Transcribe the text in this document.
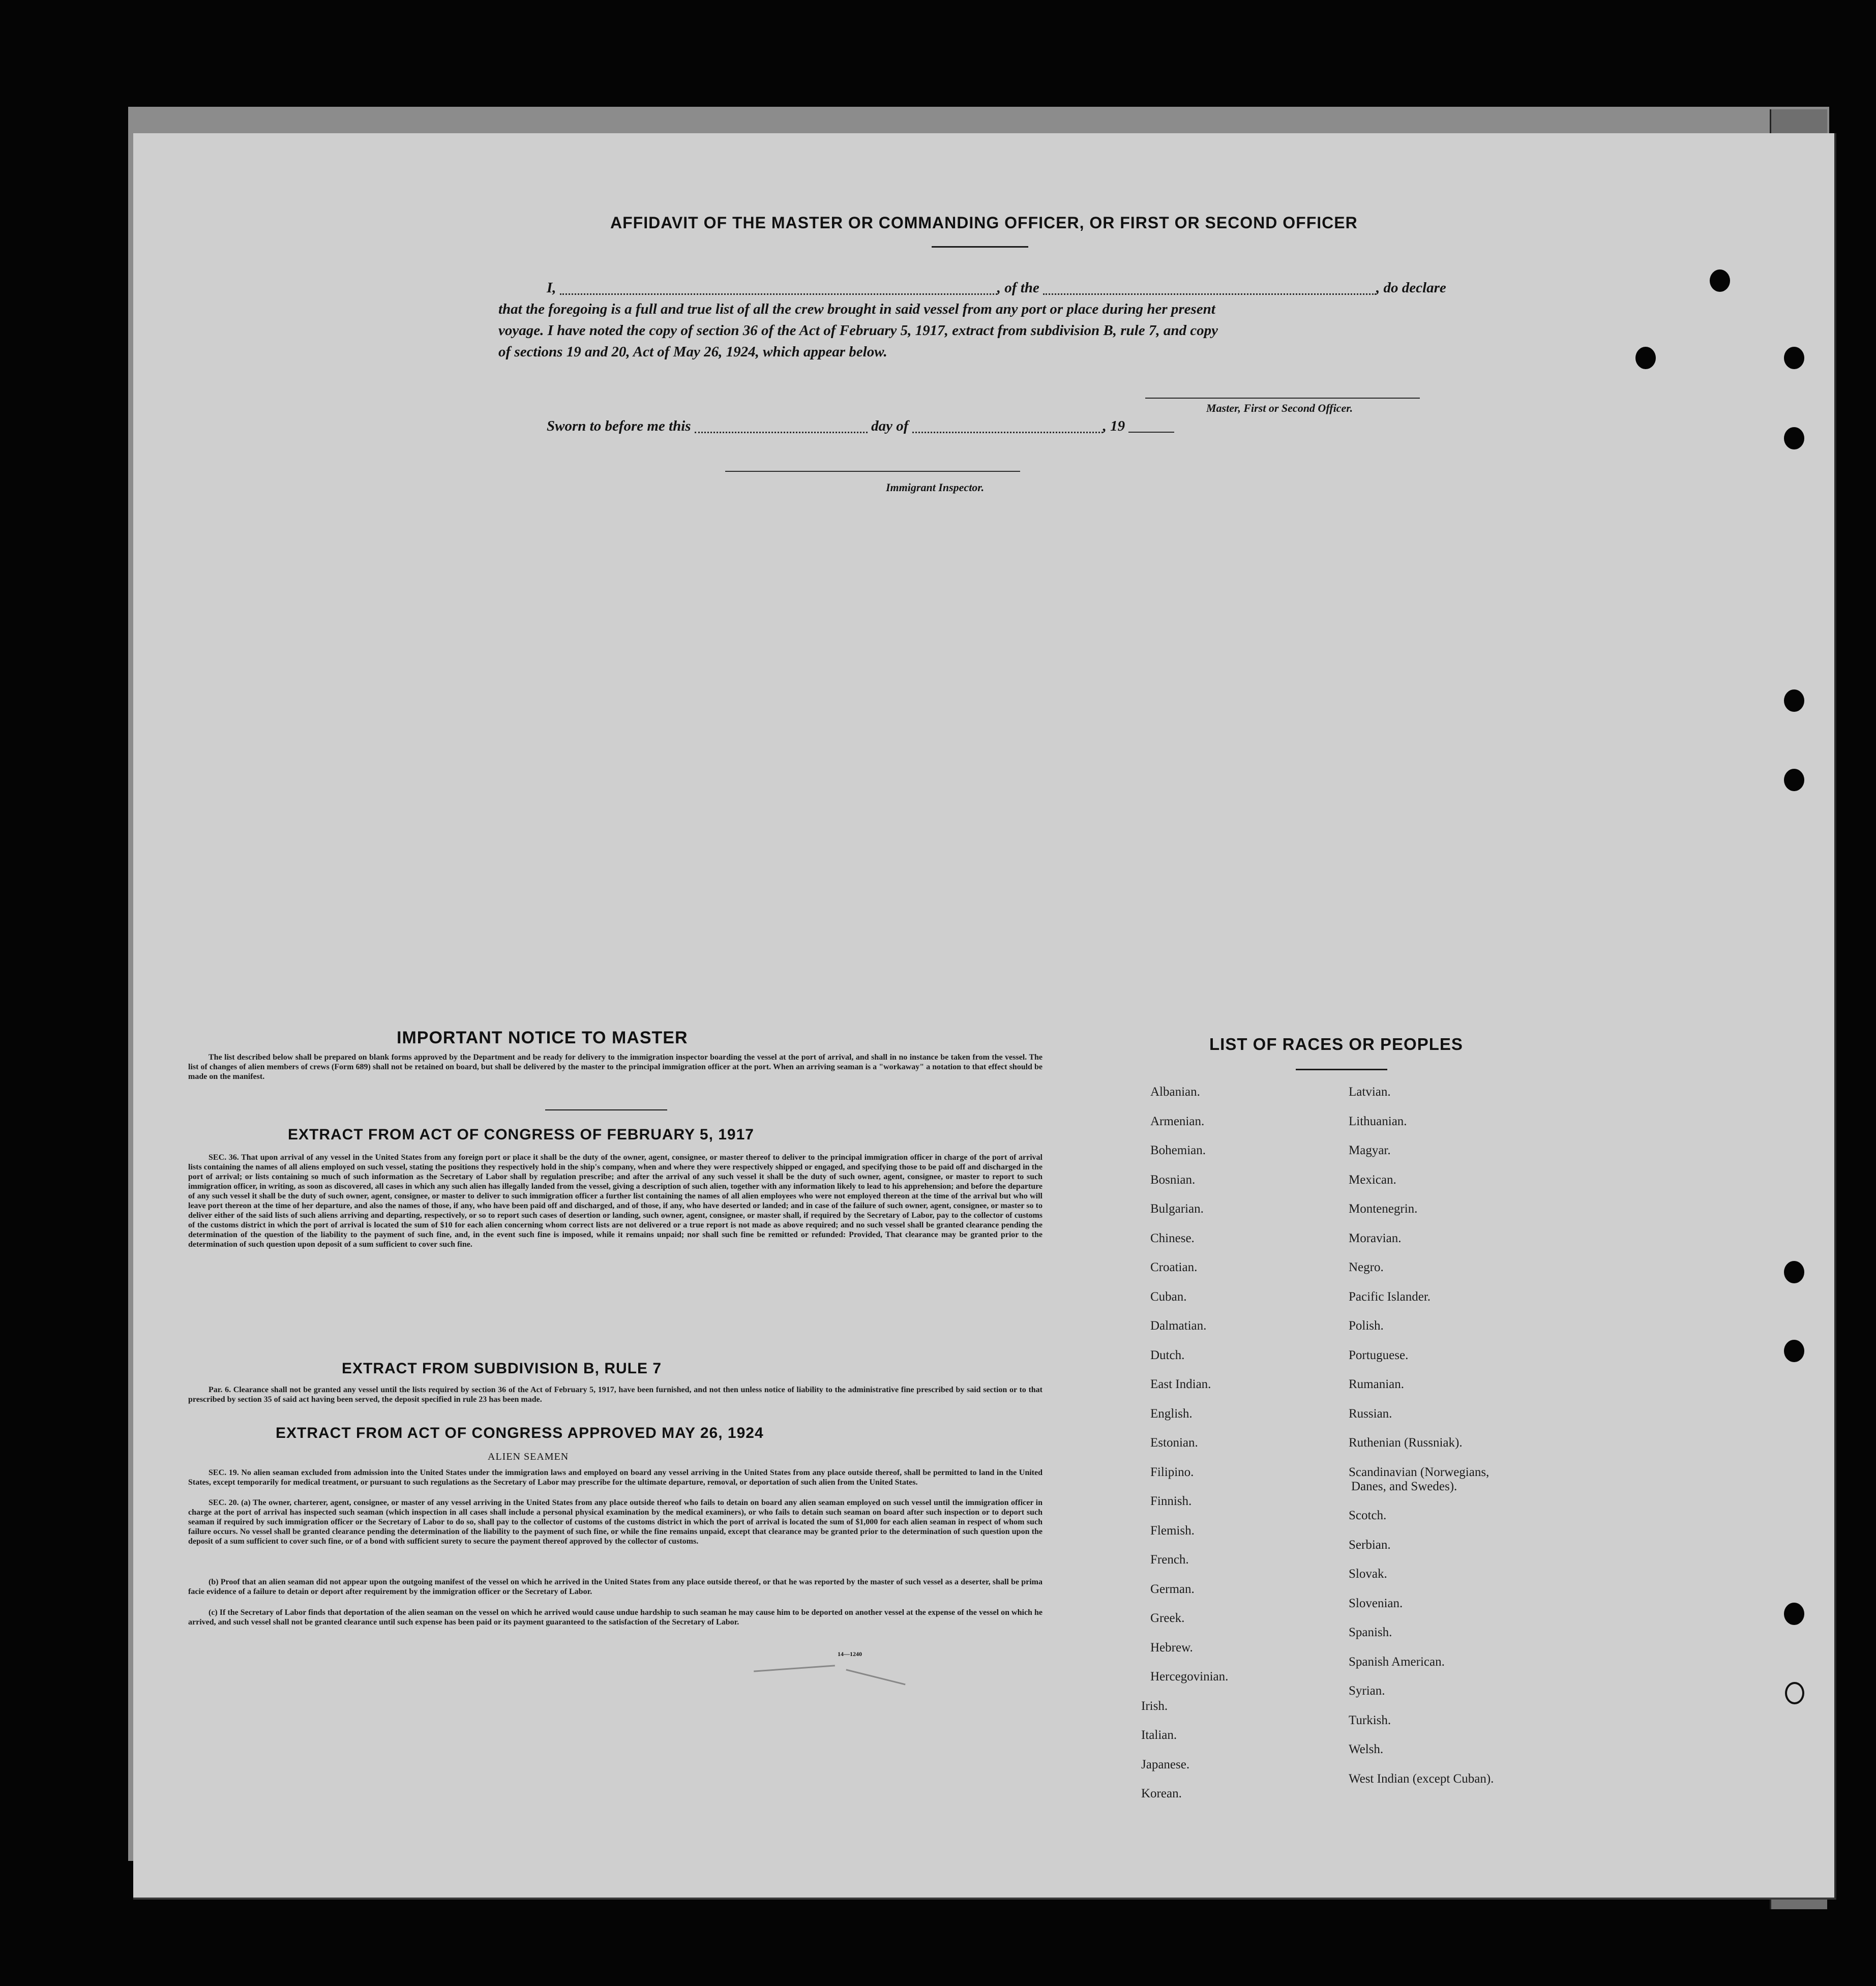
AFFIDAVIT OF THE MASTER OR COMMANDING OFFICER, OR FIRST OR SECOND OFFICER
I,	, of the	, do declare
that the foregoing is a full and true list of all the crew brought in said vessel from any port or place during her present
voyage. I have noted the copy of section 36 of the Act of February 5, 1917, extract from subdivision B, rule 7, and copy
of sections 19 and 20, Act of May 26, 1924, which appear below.
Master, First or Second Officer.
Sworn to before me this	day of	, 19
Immigrant Inspector.
IMPORTANT NOTICE TO MASTER
The list described below shall be prepared on blank forms approved by the Department and be ready for delivery to the immigration inspector boarding the vessel at the port of arrival, and shall in no instance be taken from the vessel. The list of changes of alien members of crews (Form 689) shall not be retained on board, but shall be delivered by the master to the principal immigration officer at the port. When an arriving seaman is a "workaway" a notation to that effect should be made on the manifest.
EXTRACT FROM ACT OF CONGRESS OF FEBRUARY 5, 1917
SEC. 36. That upon arrival of any vessel in the United States from any foreign port or place it shall be the duty of the owner, agent, consignee, or master thereof to deliver to the principal immigration officer in charge of the port of arrival lists containing the names of all aliens employed on such vessel, stating the positions they respectively hold in the ship's company, when and where they were respectively shipped or engaged, and specifying those to be paid off and discharged in the port of arrival; or lists containing so much of such information as the Secretary of Labor shall by regulation prescribe; and after the arrival of any such vessel it shall be the duty of such owner, agent, consignee, or master to report to such immigration officer, in writing, as soon as discovered, all cases in which any such alien has illegally landed from the vessel, giving a description of such alien, together with any information likely to lead to his apprehension; and before the departure of any such vessel it shall be the duty of such owner, agent, consignee, or master to deliver to such immigration officer a further list containing the names of all alien employees who were not employed thereon at the time of the arrival but who will leave port thereon at the time of her departure, and also the names of those, if any, who have been paid off and discharged, and of those, if any, who have deserted or landed; and in case of the failure of such owner, agent, consignee, or master so to deliver either of the said lists of such aliens arriving and departing, respectively, or so to report such cases of desertion or landing, such owner, agent, consignee, or master shall, if required by the Secretary of Labor, pay to the collector of customs of the customs district in which the port of arrival is located the sum of $10 for each alien concerning whom correct lists are not delivered or a true report is not made as above required; and no such vessel shall be granted clearance pending the determination of the question of the liability to the payment of such fine, and, in the event such fine is imposed, while it remains unpaid; nor shall such fine be remitted or refunded: Provided, That clearance may be granted prior to the determination of such question upon deposit of a sum sufficient to cover such fine.
EXTRACT FROM SUBDIVISION B, RULE 7
Par. 6. Clearance shall not be granted any vessel until the lists required by section 36 of the Act of February 5, 1917, have been furnished, and not then unless notice of liability to the administrative fine prescribed by said section or to that prescribed by section 35 of said act having been served, the deposit specified in rule 23 has been made.
EXTRACT FROM ACT OF CONGRESS APPROVED MAY 26, 1924
ALIEN SEAMEN
SEC. 19. No alien seaman excluded from admission into the United States under the immigration laws and employed on board any vessel arriving in the United States from any place outside thereof, shall be permitted to land in the United States, except temporarily for medical treatment, or pursuant to such regulations as the Secretary of Labor may prescribe for the ultimate departure, removal, or deportation of such alien from the United States.
SEC. 20. (a) The owner, charterer, agent, consignee, or master of any vessel arriving in the United States from any place outside thereof who fails to detain on board any alien seaman employed on such vessel until the immigration officer in charge at the port of arrival has inspected such seaman (which inspection in all cases shall include a personal physical examination by the medical examiners), or who fails to detain such seaman on board after such inspection or to deport such seaman if required by such immigration officer or the Secretary of Labor to do so, shall pay to the collector of customs of the customs district in which the port of arrival is located the sum of $1,000 for each alien seaman in respect of whom such failure occurs. No vessel shall be granted clearance pending the determination of the liability to the payment of such fine, or while the fine remains unpaid, except that clearance may be granted prior to the determination of such question upon the deposit of a sum sufficient to cover such fine, or of a bond with sufficient surety to secure the payment thereof approved by the collector of customs.
(b) Proof that an alien seaman did not appear upon the outgoing manifest of the vessel on which he arrived in the United States from any place outside thereof, or that he was reported by the master of such vessel as a deserter, shall be prima facie evidence of a failure to detain or deport after requirement by the immigration officer or the Secretary of Labor.
(c) If the Secretary of Labor finds that deportation of the alien seaman on the vessel on which he arrived would cause undue hardship to such seaman he may cause him to be deported on another vessel at the expense of the vessel on which he arrived, and such vessel shall not be granted clearance until such expense has been paid or its payment guaranteed to the satisfaction of the Secretary of Labor.
14—1240
LIST OF RACES OR PEOPLES
Albanian.
Armenian.
Bohemian.
Bosnian.
Bulgarian.
Chinese.
Croatian.
Cuban.
Dalmatian.
Dutch.
East Indian.
English.
Estonian.
Filipino.
Finnish.
Flemish.
French.
German.
Greek.
Hebrew.
Hercegovinian.
Irish.
Italian.
Japanese.
Korean.
Latvian.
Lithuanian.
Magyar.
Mexican.
Montenegrin.
Moravian.
Negro.
Pacific Islander.
Polish.
Portuguese.
Rumanian.
Russian.
Ruthenian (Russniak).
Scandinavian (Norwegians,
Danes, and Swedes).
Scotch.
Serbian.
Slovak.
Slovenian.
Spanish.
Spanish American.
Syrian.
Turkish.
Welsh.
West Indian (except Cuban).
